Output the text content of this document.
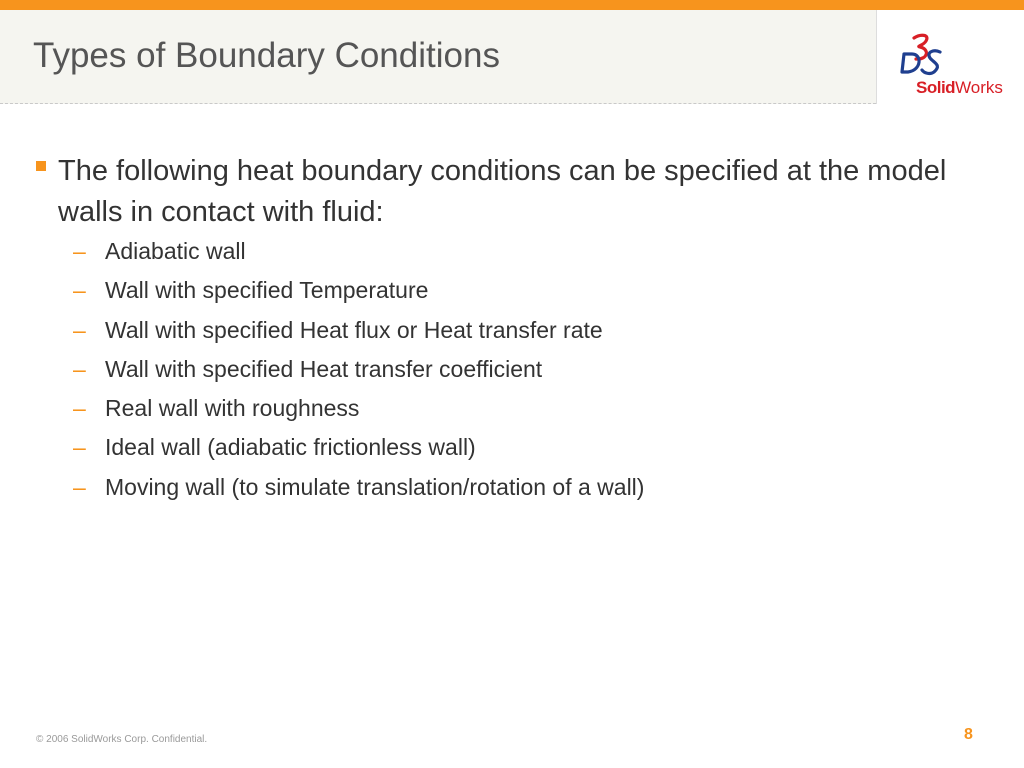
Types of Boundary Conditions
SolidWorks
The following heat boundary conditions can be specified at the model walls in contact with fluid:
– Adiabatic wall
– Wall with specified Temperature
– Wall with specified Heat flux or Heat transfer rate
– Wall with specified Heat transfer coefficient
– Real wall with roughness
– Ideal wall (adiabatic frictionless wall)
– Moving wall (to simulate translation/rotation of a wall)
© 2006 SolidWorks Corp. Confidential.	8
